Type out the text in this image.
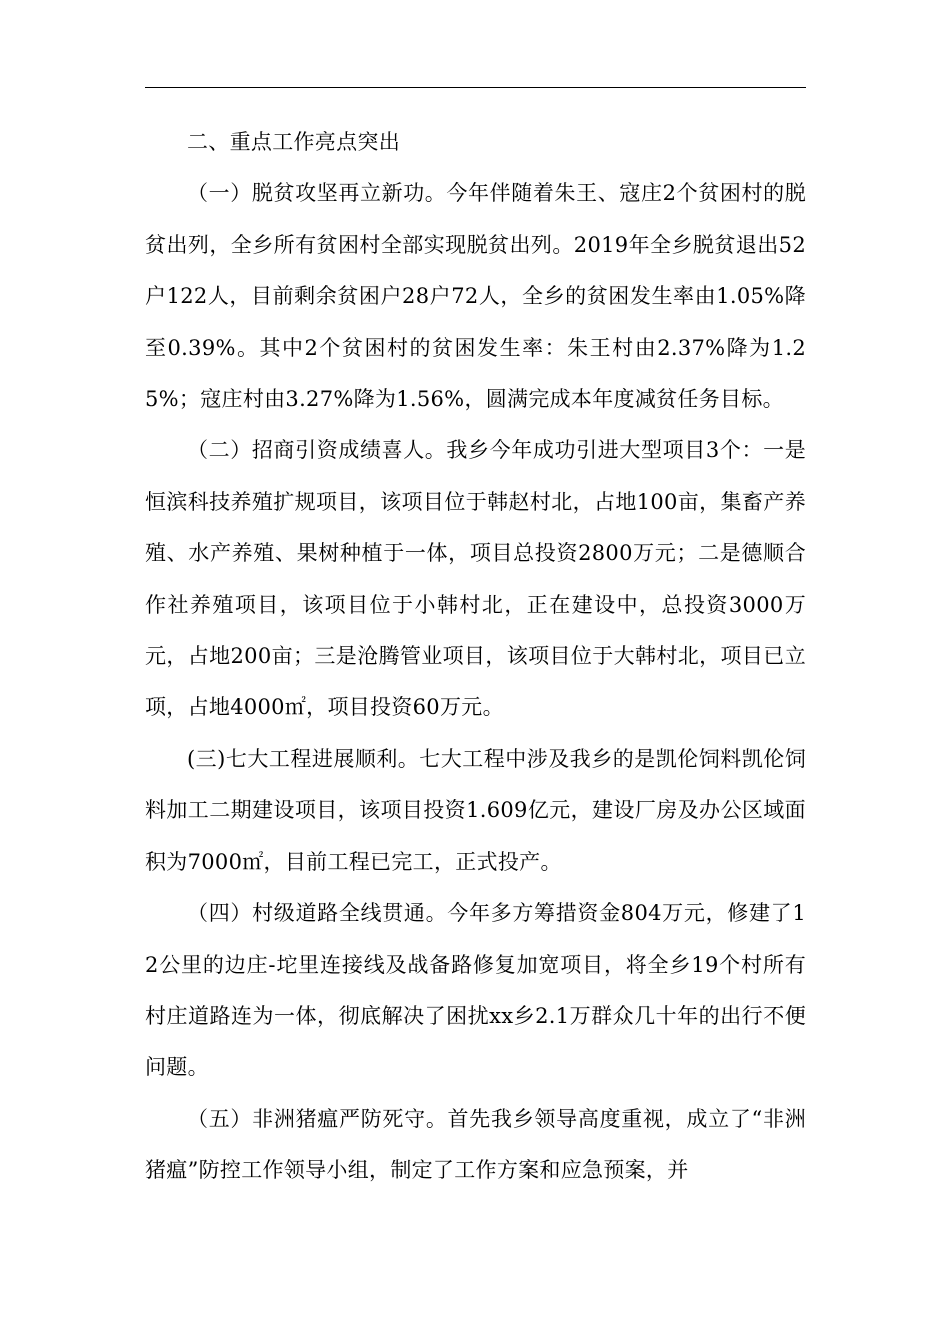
二、重点工作亮点突出

（一）脱贫攻坚再立新功。今年伴随着朱王、寇庄2个贫困村的脱贫出列，全乡所有贫困村全部实现脱贫出列。2019年全乡脱贫退出52户122人，目前剩余贫困户28户72人，全乡的贫困发生率由1.05%降至0.39%。其中2个贫困村的贫困发生率：朱王村由2.37%降为1.25%；寇庄村由3.27%降为1.56%，圆满完成本年度减贫任务目标。

（二）招商引资成绩喜人。我乡今年成功引进大型项目3个：一是恒滨科技养殖扩规项目，该项目位于韩赵村北，占地100亩，集畜产养殖、水产养殖、果树种植于一体，项目总投资2800万元；二是德顺合作社养殖项目，该项目位于小韩村北，正在建设中，总投资3000万元，占地200亩；三是沧腾管业项目，该项目位于大韩村北，项目已立项，占地4000㎡，项目投资60万元。

(三)七大工程进展顺利。七大工程中涉及我乡的是凯伦饲料凯伦饲料加工二期建设项目，该项目投资1.609亿元，建设厂房及办公区域面积为7000㎡，目前工程已完工，正式投产。

（四）村级道路全线贯通。今年多方筹措资金804万元，修建了12公里的边庄-坨里连接线及战备路修复加宽项目，将全乡19个村所有村庄道路连为一体，彻底解决了困扰xx乡2.1万群众几十年的出行不便问题。

（五）非洲猪瘟严防死守。首先我乡领导高度重视，成立了“非洲猪瘟”防控工作领导小组，制定了工作方案和应急预案，并
